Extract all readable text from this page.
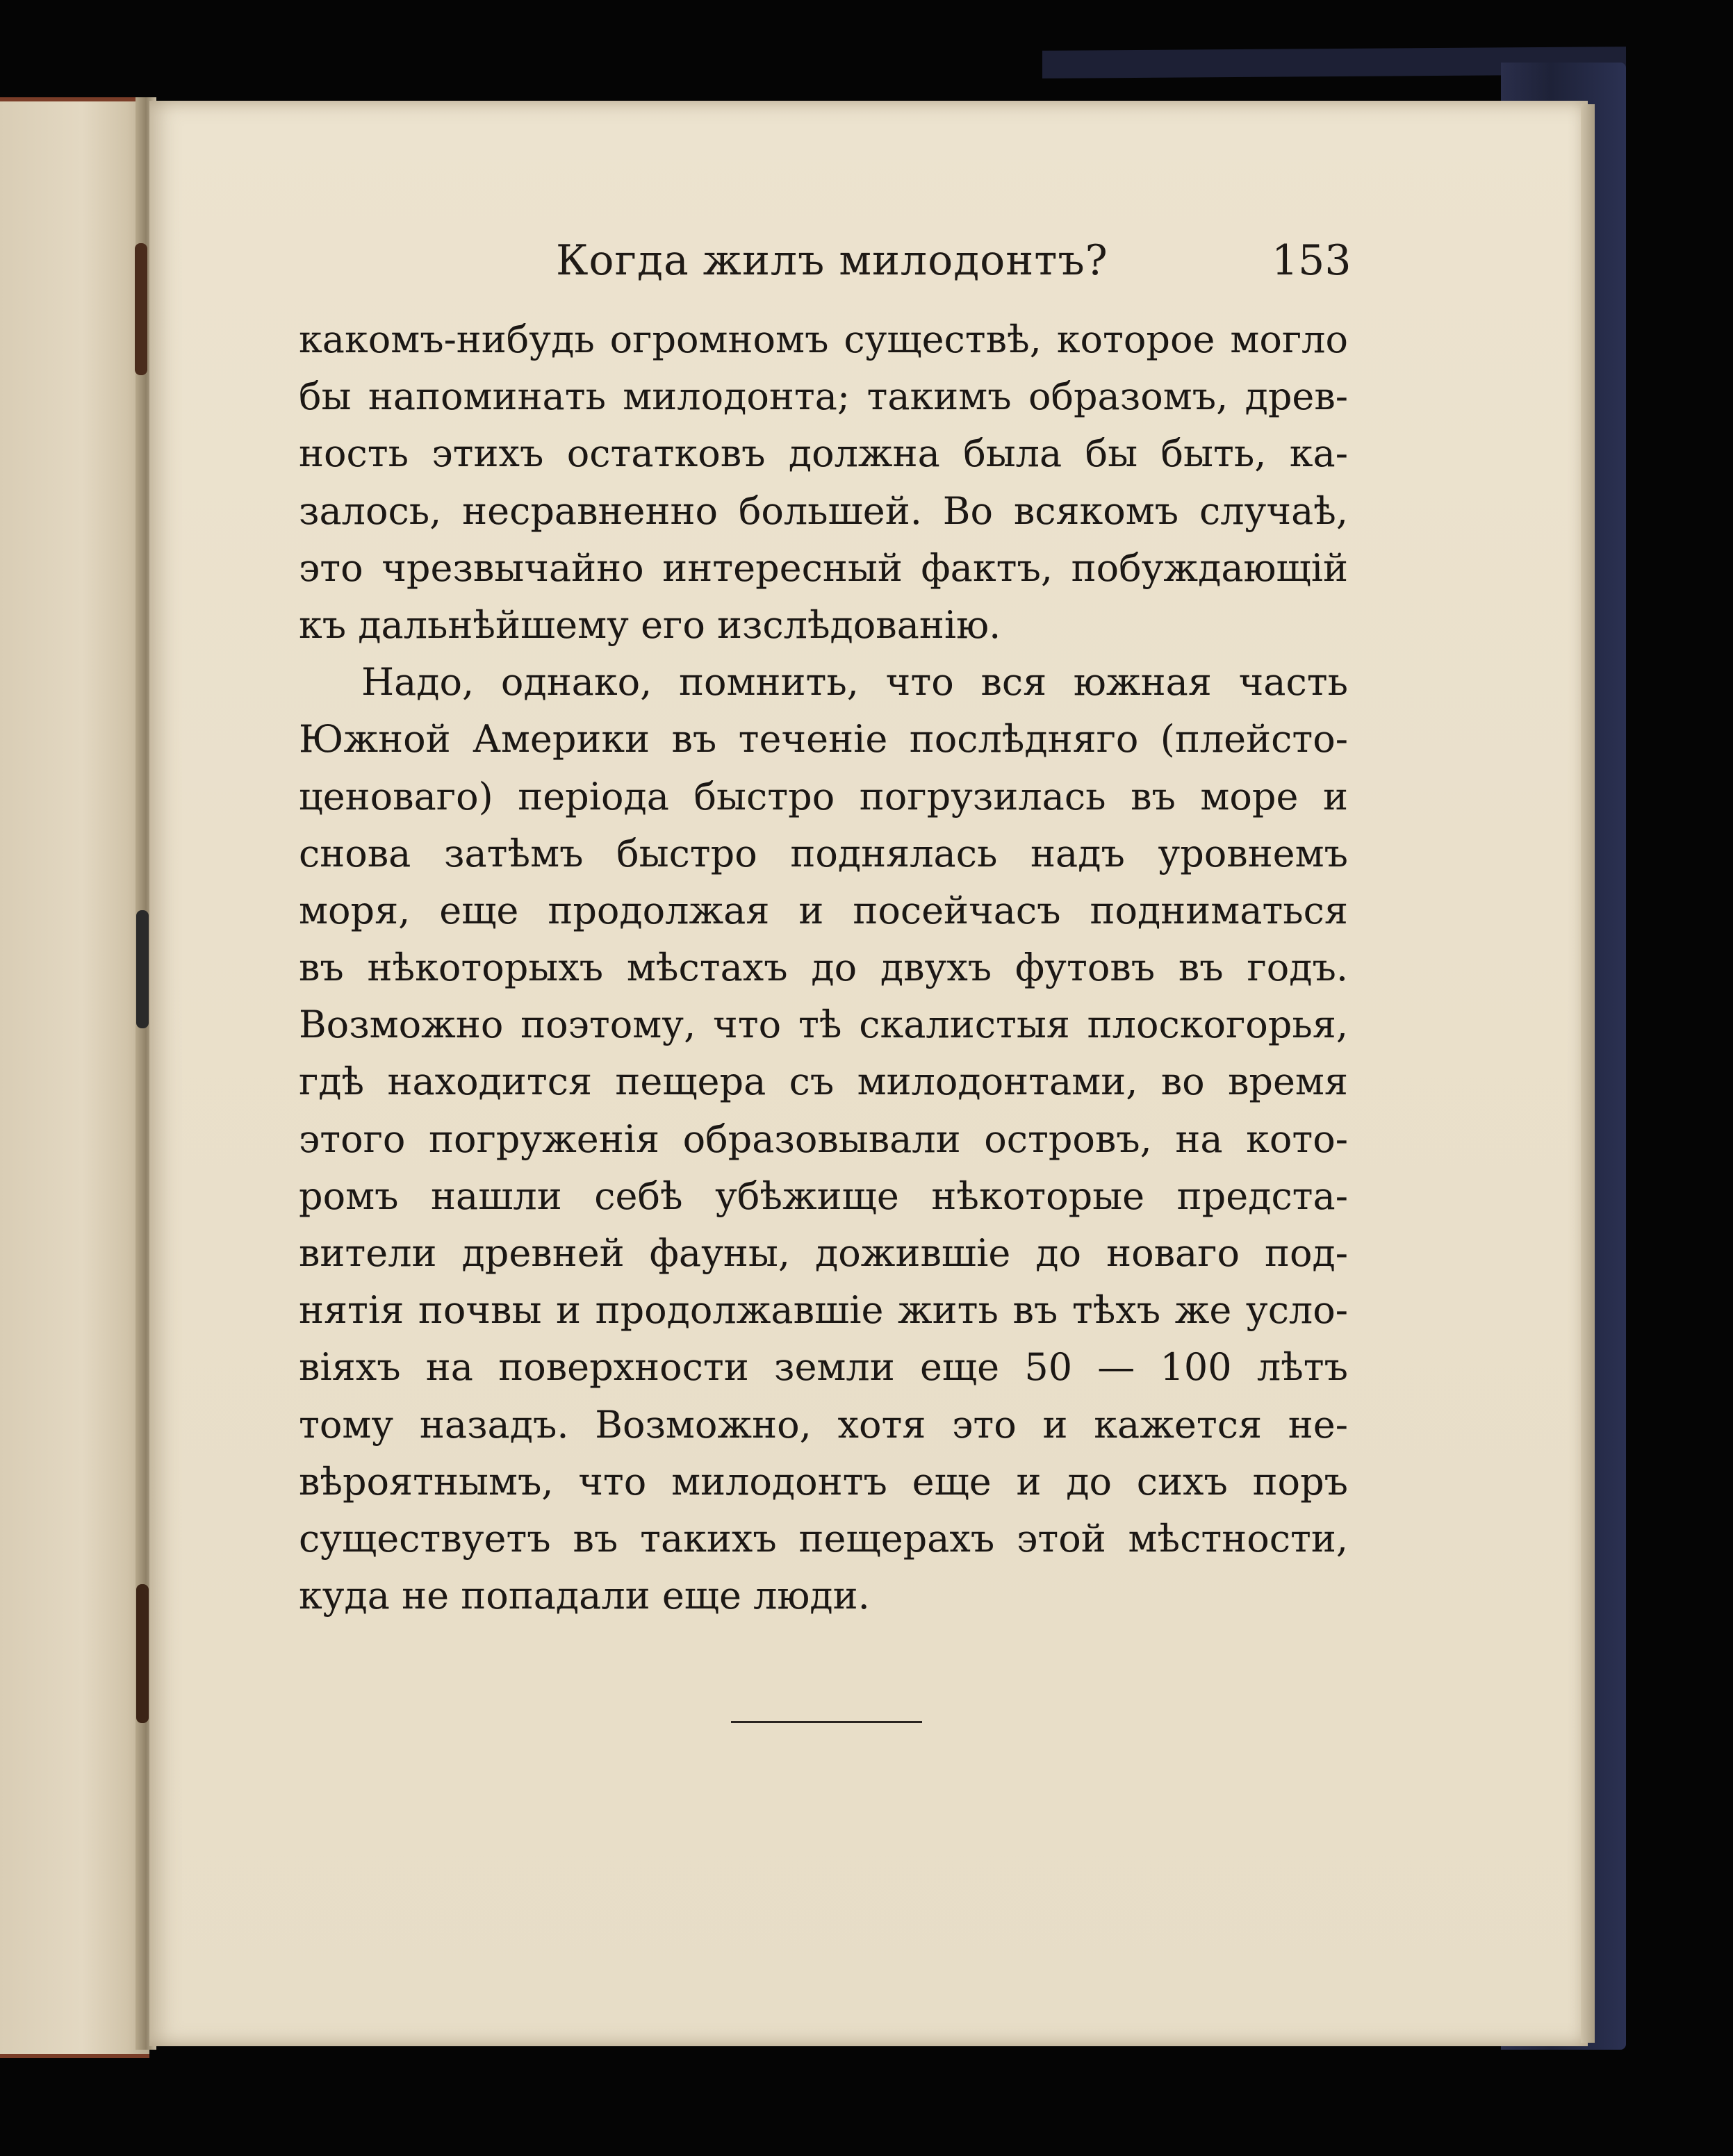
Когда жилъ милодонтъ?	153
какомъ-нибудь огромномъ существѣ, которое могло
бы напоминать милодонта; такимъ образомъ, древ-
ность этихъ остатковъ должна была бы быть, ка-
залось, несравненно большей. Во всякомъ случаѣ,
это чрезвычайно интересный фактъ, побуждающій
къ дальнѣйшему его изслѣдованію.
Надо, однако, помнить, что вся южная часть
Южной Америки въ теченіе послѣдняго (плейсто-
ценоваго) періода быстро погрузилась въ море и
снова затѣмъ быстро поднялась надъ уровнемъ
моря, еще продолжая и посейчасъ подниматься
въ нѣкоторыхъ мѣстахъ до двухъ футовъ въ годъ.
Возможно поэтому, что тѣ скалистыя плоскогорья,
гдѣ находится пещера съ милодонтами, во время
этого погруженія образовывали островъ, на кото-
ромъ нашли себѣ убѣжище нѣкоторые предста-
вители древней фауны, дожившіе до новаго под-
нятія почвы и продолжавшіе жить въ тѣхъ же усло-
віяхъ на поверхности земли еще 50 — 100 лѣтъ
тому назадъ. Возможно, хотя это и кажется не-
вѣроятнымъ, что милодонтъ еще и до сихъ поръ
существуетъ въ такихъ пещерахъ этой мѣстности,
куда не попадали еще люди.
